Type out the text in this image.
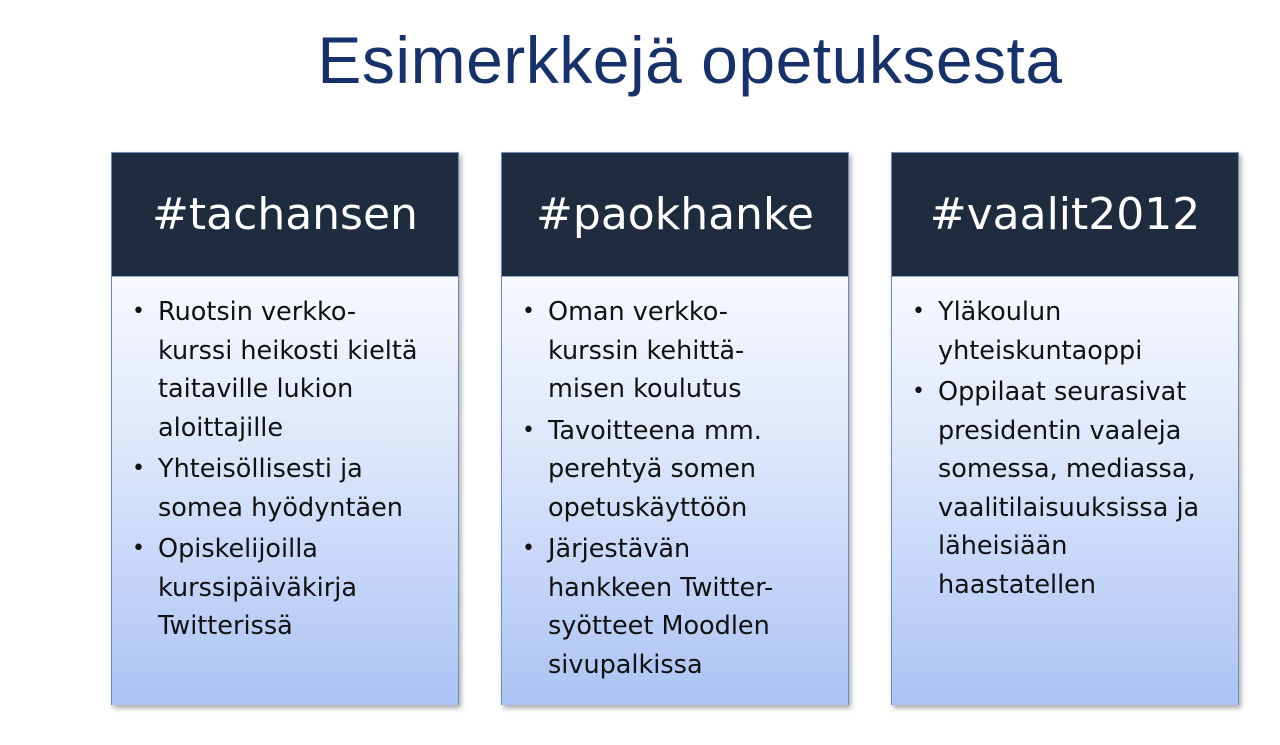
Esimerkkejä opetuksesta
#tachansen
• Ruotsin verkko-
kurssi heikosti kieltä
taitaville lukion
aloittajille
• Yhteisöllisesti ja
somea hyödyntäen
• Opiskelijoilla
kurssipäiväkirja
Twitterissä
#paokhanke
• Oman verkko-
kurssin kehittä-
misen koulutus
• Tavoitteena mm.
perehtyä somen
opetuskäyttöön
• Järjestävän
hankkeen Twitter-
syötteet Moodlen
sivupalkissa
#vaalit2012
• Yläkoulun
yhteiskuntaoppi
• Oppilaat seurasivat
presidentin vaaleja
somessa, mediassa,
vaalitilaisuuksissa ja
läheisiään
haastatellen
